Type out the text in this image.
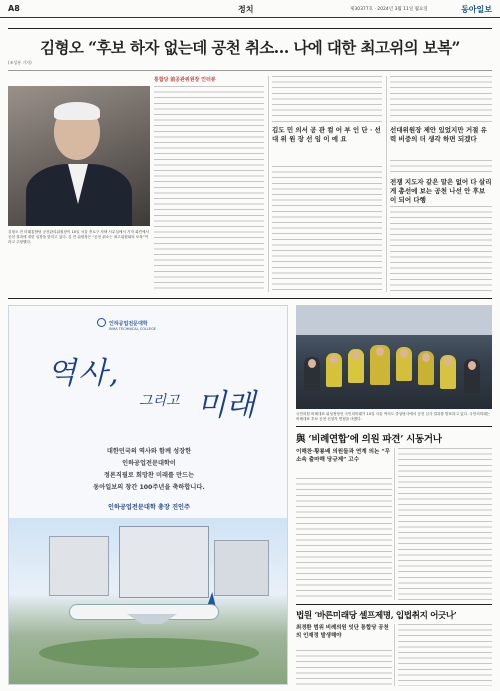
A8	정치	제30377호 · 2024년 3월 11일 월요일	동아일보
김형오 “후보 하자 없는데 공천 취소… 나에 대한 최고위의 보복”
(조성룡 기자)
김형오 전 미래통합당 공천관리위원장이 10일 서울 종로구 자택 사무실에서 기자 회견에서 공천 결과에 대한 입장을 밝히고 있다. 김 전 위원장은 “공천 취소는 최고위원회의 보복”이라고 주장했다.
통합당 前공관위원장 인터뷰
김도 민 의서 공 관 컬 어 부 인 단 · 선 대 위 원 장 선 임 이 에 요
선대위원장 제안 있었지만 거절 유력 비중의 더 생각 하면 되겠다
전쟁 지도자 같은 말은 없어 다 살리게 총선에 보는 공천 나선 안 후보 이 되어 다행
인하공업전문대학
INHA TECHNICAL COLLEGE
역사,
그리고 미래
대한민국의 역사와 함께 성장한
인하공업전문대학이
정론직필로 희망찬 미래를 만드는
동아일보의 창간 100주년을 축하합니다.
인하공업전문대학 총장 진인주
국민의힘 비례대표 위성정당인 국민의미래가 10일 서울 여의도 중앙당사에서 공천 심사 결과를 발표하고 있다. 국민의미래는 비례대표 후보 공천 신청자 면접을 마쳤다.
與 ‘비례연합’에 의원 파견’ 시동거나
이해찬·황룡배 의원들과 연계 의논 “무소속 출마해 당규제” 고수
법원 ‘바른미래당 셀프제명, 입법취지 어긋나’
최경환 범위 비례의원 잇단 통합당 공천의 인재정 발생해야
